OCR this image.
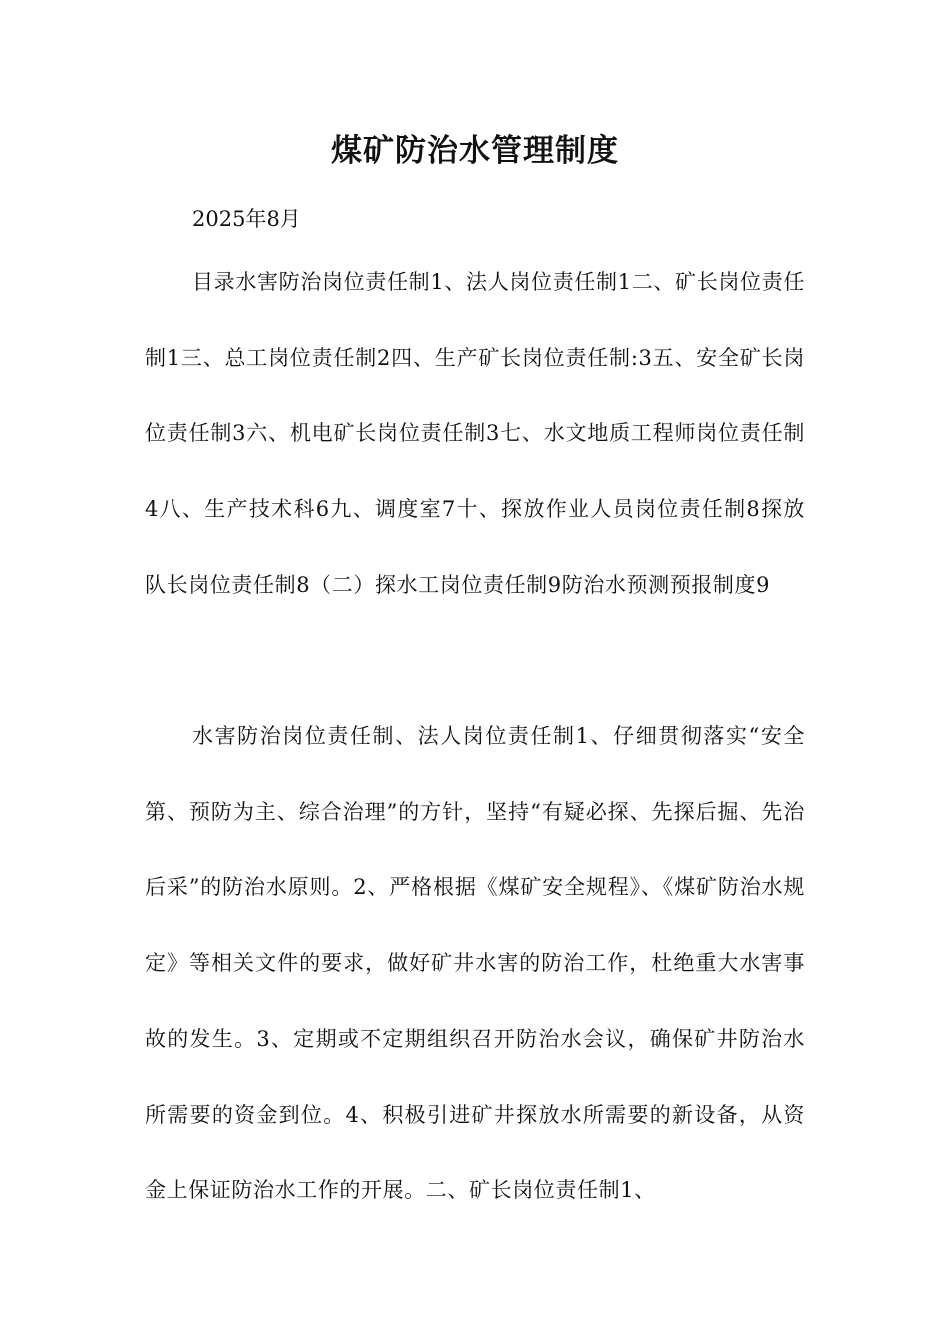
煤矿防治水管理制度
2025年8月

目录水害防治岗位责任制1、法人岗位责任制1二、矿长岗位责任制1三、总工岗位责任制2四、生产矿长岗位责任制:3五、安全矿长岗位责任制3六、机电矿长岗位责任制3七、水文地质工程师岗位责任制4八、生产技术科6九、调度室7十、探放作业人员岗位责任制8探放队长岗位责任制8（二）探水工岗位责任制9防治水预测预报制度9

水害防治岗位责任制、法人岗位责任制1、仔细贯彻落实“安全第、预防为主、综合治理”的方针，坚持“有疑必探、先探后掘、先治后采”的防治水原则。2、严格根据《煤矿安全规程》、《煤矿防治水规定》等相关文件的要求，做好矿井水害的防治工作，杜绝重大水害事故的发生。3、定期或不定期组织召开防治水会议，确保矿井防治水所需要的资金到位。4、积极引进矿井探放水所需要的新设备，从资金上保证防治水工作的开展。二、矿长岗位责任制1、
